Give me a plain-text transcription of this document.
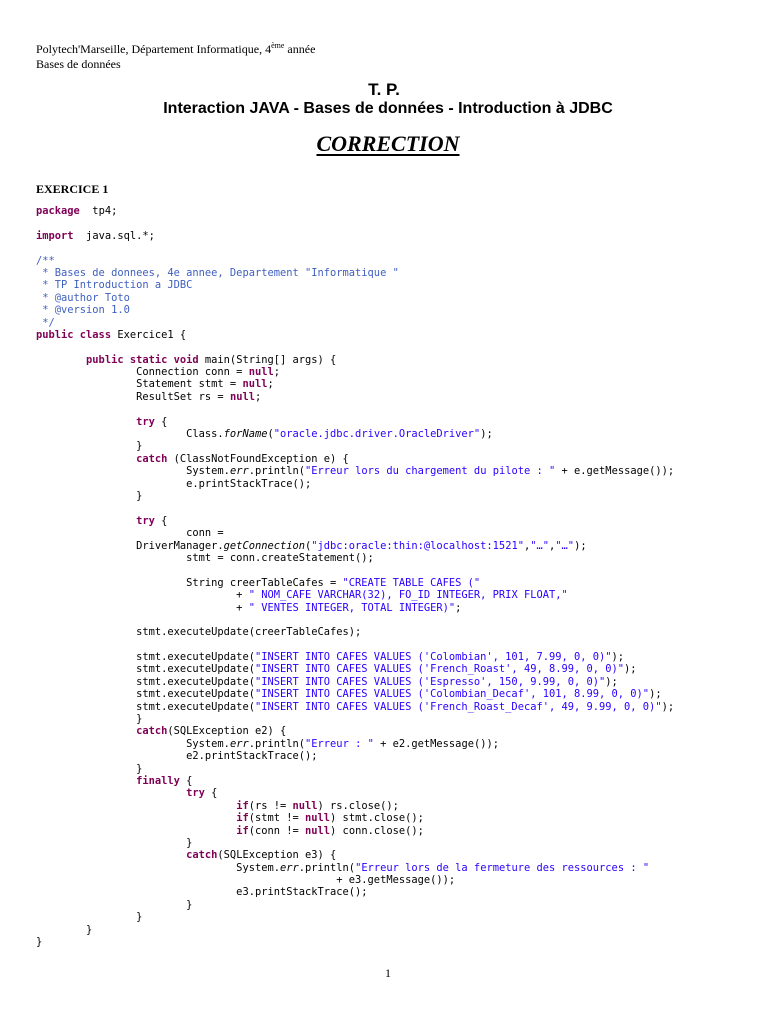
Polytech'Marseille, Département Informatique, 4ème année
Bases de données
T. P.
Interaction JAVA - Bases de données - Introduction à JDBC
CORRECTION
EXERCICE 1
package  tp4;
import  java.sql.*;
/**
* Bases de donnees, 4e annee, Departement "Informatique "
* TP Introduction a JDBC
* @author Toto
* @version 1.0
*/
public class Exercice1 {
public static void main(String[] args) {
Connection conn = null;
Statement stmt = null;
ResultSet rs = null;
try {
Class.forName("oracle.jdbc.driver.OracleDriver");
}
catch (ClassNotFoundException e) {
System.err.println("Erreur lors du chargement du pilote : " + e.getMessage());
e.printStackTrace();
}
try {
conn =
DriverManager.getConnection("jdbc:oracle:thin:@localhost:1521","…","…");
stmt = conn.createStatement();
String creerTableCafes = "CREATE TABLE CAFES ("
+ " NOM_CAFE VARCHAR(32), FO_ID INTEGER, PRIX FLOAT,"
+ " VENTES INTEGER, TOTAL INTEGER)";
stmt.executeUpdate(creerTableCafes);
stmt.executeUpdate("INSERT INTO CAFES VALUES ('Colombian', 101, 7.99, 0, 0)");
stmt.executeUpdate("INSERT INTO CAFES VALUES ('French_Roast', 49, 8.99, 0, 0)");
stmt.executeUpdate("INSERT INTO CAFES VALUES ('Espresso', 150, 9.99, 0, 0)");
stmt.executeUpdate("INSERT INTO CAFES VALUES ('Colombian_Decaf', 101, 8.99, 0, 0)");
stmt.executeUpdate("INSERT INTO CAFES VALUES ('French_Roast_Decaf', 49, 9.99, 0, 0)");
}
catch(SQLException e2) {
System.err.println("Erreur : " + e2.getMessage());
e2.printStackTrace();
}
finally {
try {
if(rs != null) rs.close();
if(stmt != null) stmt.close();
if(conn != null) conn.close();
}
catch(SQLException e3) {
System.err.println("Erreur lors de la fermeture des ressources : "
+ e3.getMessage());
e3.printStackTrace();
}
}
}
}
1
